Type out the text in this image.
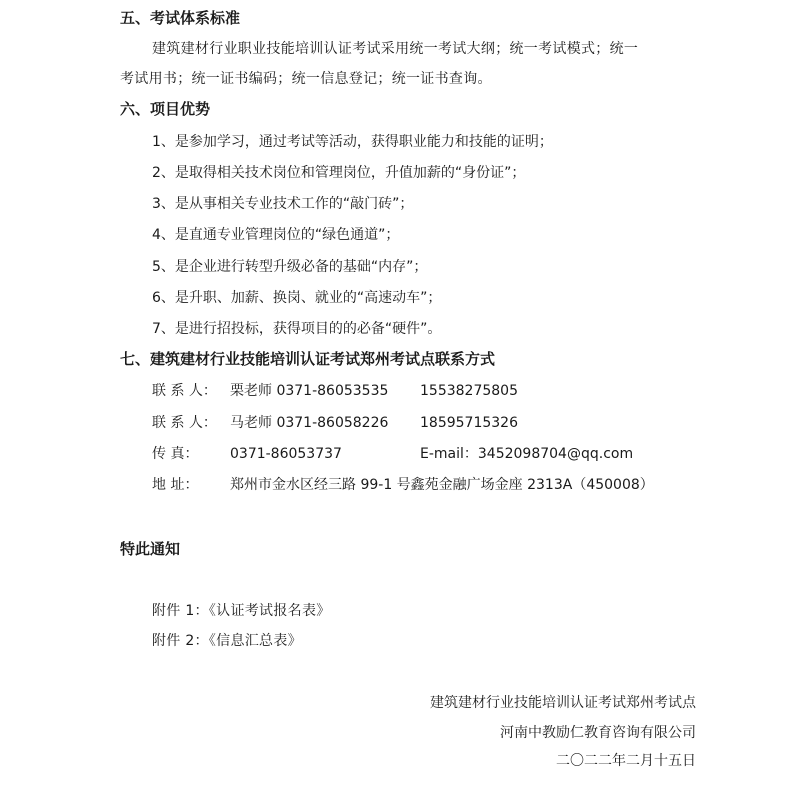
五、考试体系标准
建筑建材行业职业技能培训认证考试采用统一考试大纲；统一考试模式；统一
考试用书；统一证书编码；统一信息登记；统一证书查询。
六、项目优势
1、是参加学习，通过考试等活动，获得职业能力和技能的证明；
2、是取得相关技术岗位和管理岗位，升值加薪的“身份证”；
3、是从事相关专业技术工作的“敲门砖”；
4、是直通专业管理岗位的“绿色通道”；
5、是企业进行转型升级必备的基础“内存”；
6、是升职、加薪、换岗、就业的“高速动车”；
7、是进行招投标，获得项目的的必备“硬件”。
七、建筑建材行业技能培训认证考试郑州考试点联系方式
联 系 人： 栗老师 0371-86053535 15538275805
联 系 人： 马老师 0371-86058226 18595715326
传 真： 0371-86053737	E-mail：3452098704@qq.com
地 址： 郑州市金水区经三路 99-1 号鑫苑金融广场金座 2313A（450008）
特此通知
附件 1：《认证考试报名表》
附件 2：《信息汇总表》
建筑建材行业技能培训认证考试郑州考试点
河南中教励仁教育咨询有限公司
二〇二二年二月十五日
